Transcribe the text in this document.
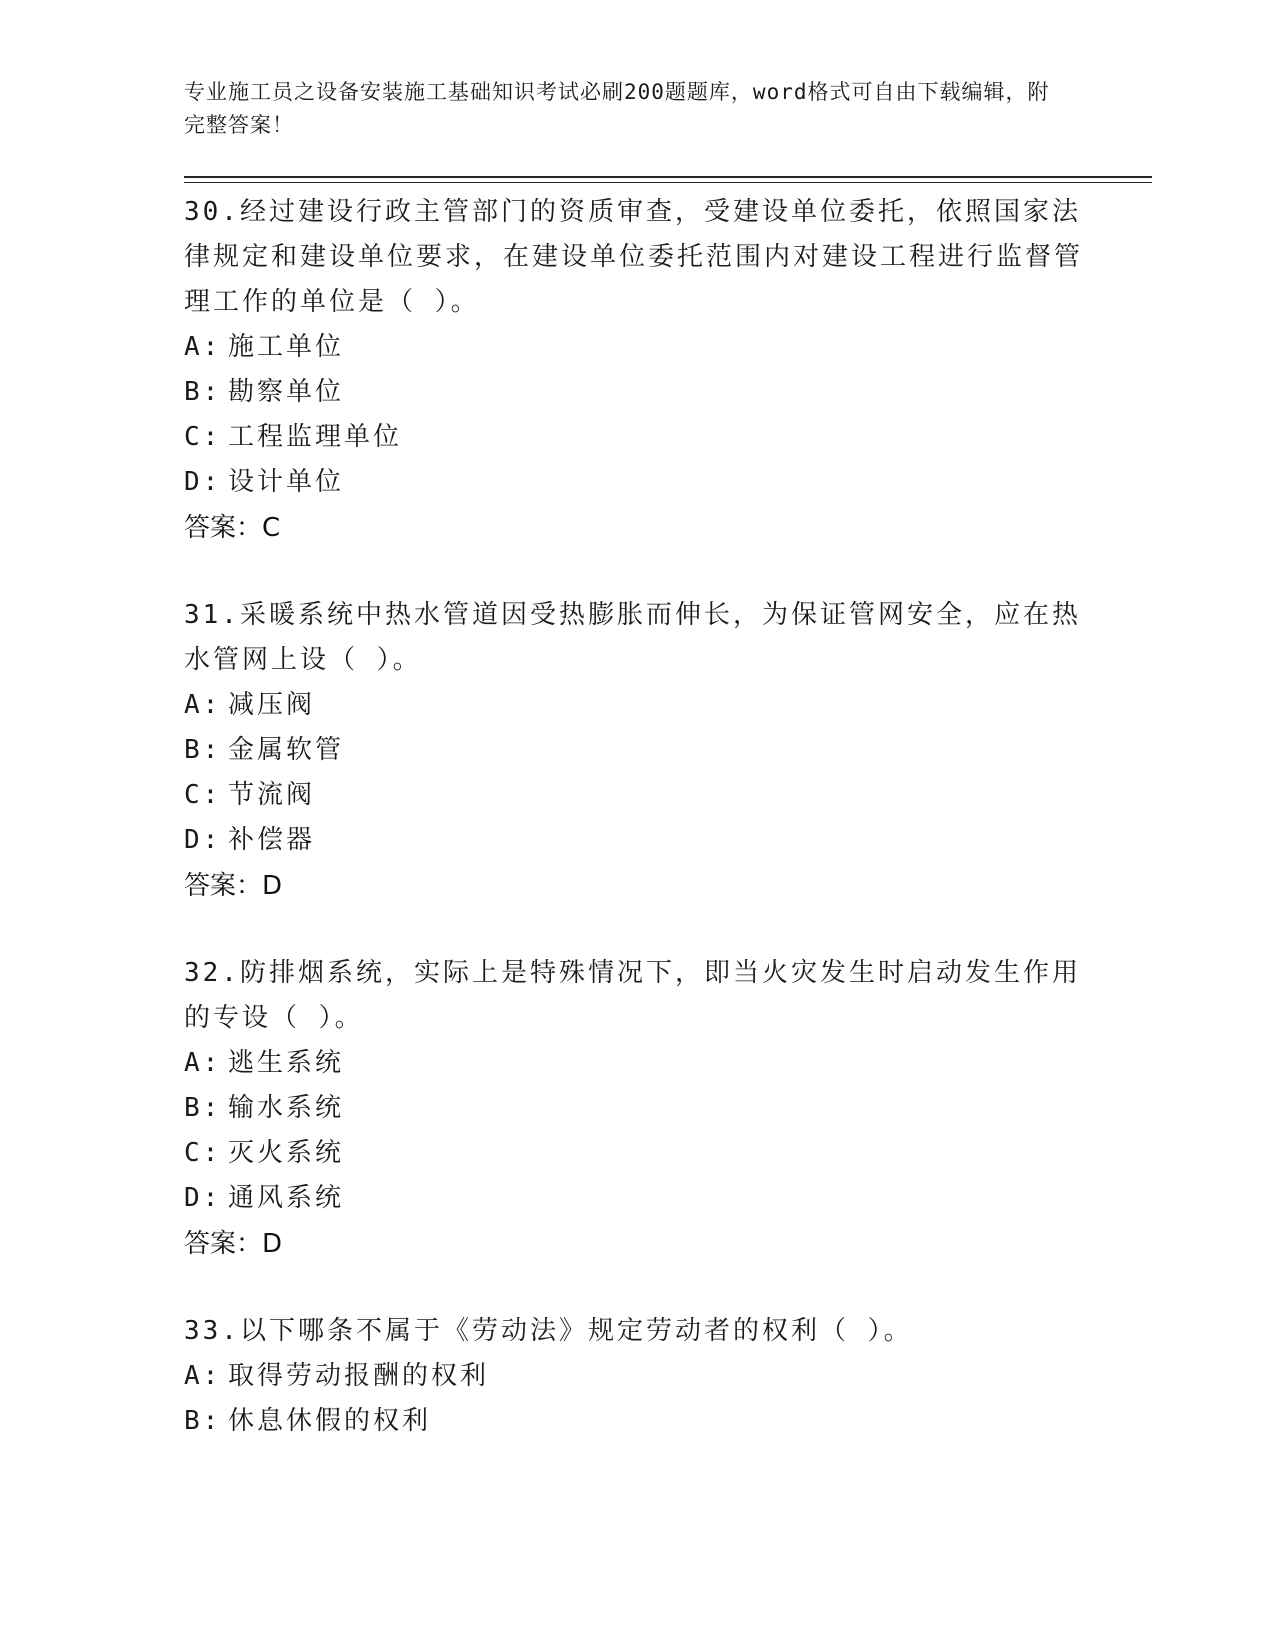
专业施工员之设备安装施工基础知识考试必刷200题题库，word格式可自由下载编辑，附完整答案！

30.经过建设行政主管部门的资质审查，受建设单位委托，依照国家法律规定和建设单位要求，在建设单位委托范围内对建设工程进行监督管理工作的单位是（ ）。

A: 施工单位

B: 勘察单位

C: 工程监理单位

D: 设计单位

答案：C

31.采暖系统中热水管道因受热膨胀而伸长，为保证管网安全，应在热水管网上设（ ）。

A: 减压阀

B: 金属软管

C: 节流阀

D: 补偿器

答案：D

32.防排烟系统，实际上是特殊情况下，即当火灾发生时启动发生作用的专设（ ）。

A: 逃生系统

B: 输水系统

C: 灭火系统

D: 通风系统

答案：D

33.以下哪条不属于《劳动法》规定劳动者的权利（ ）。

A: 取得劳动报酬的权利

B: 休息休假的权利
